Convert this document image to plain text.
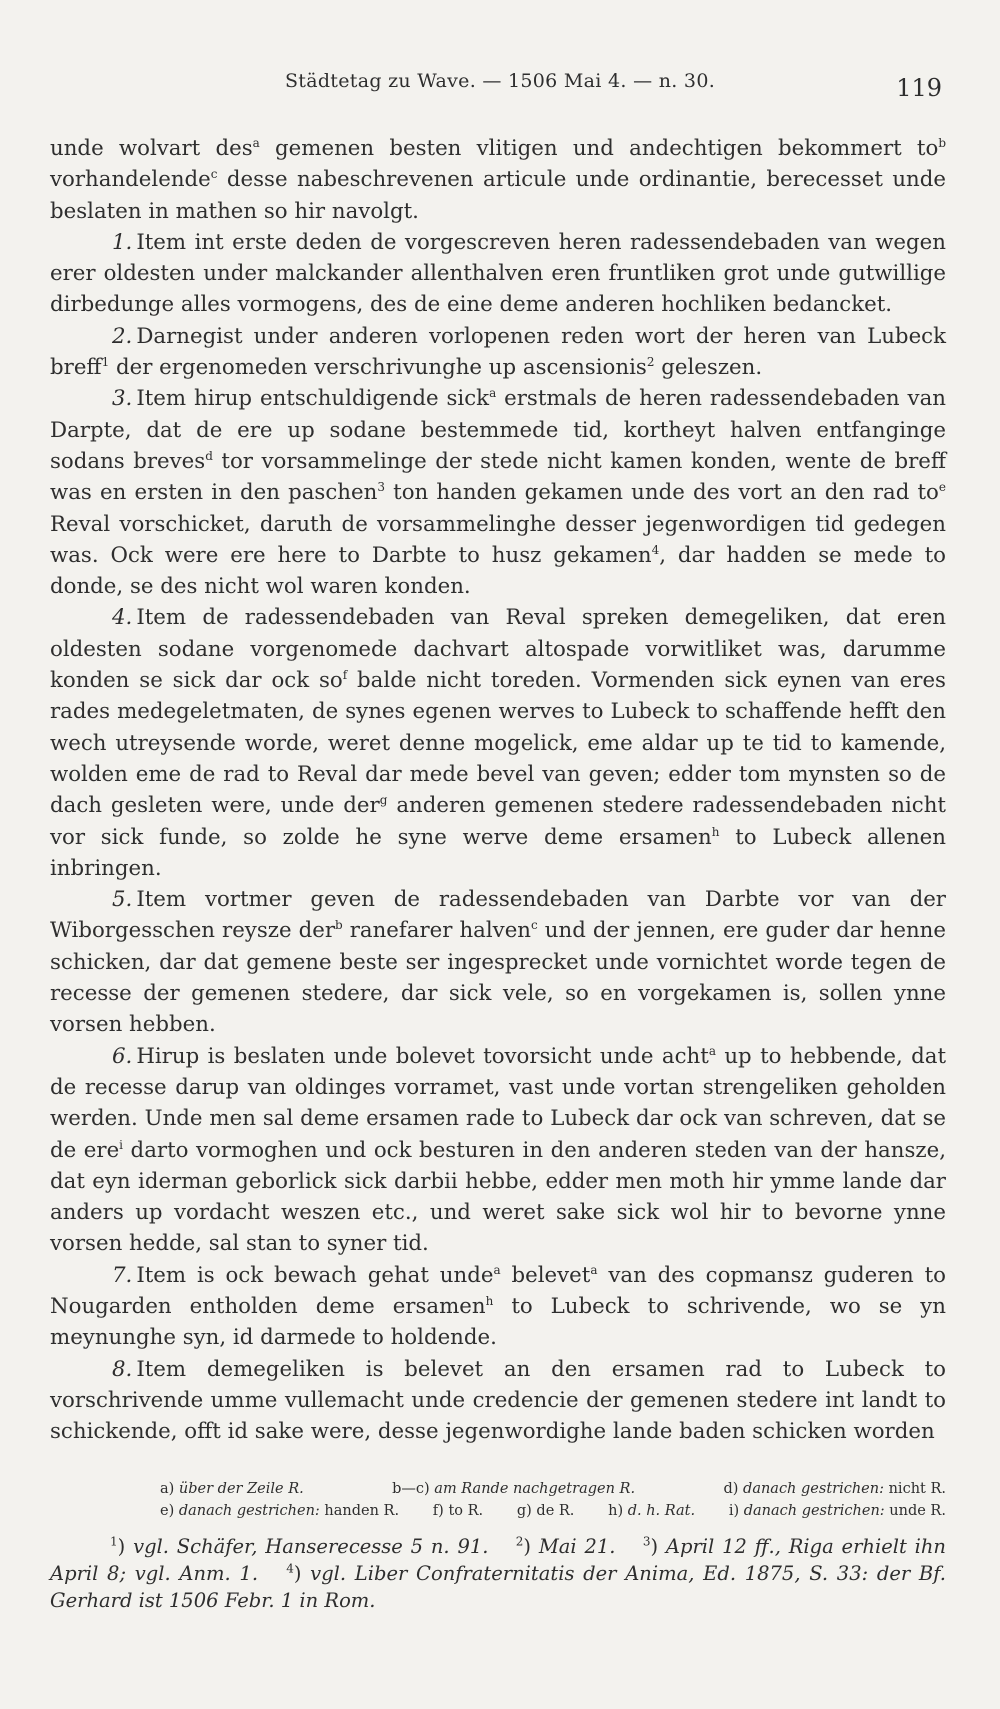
Städtetag zu Wave. — 1506 Mai 4. — n. 30.	119

unde wolvart des$^a$ gemenen besten vlitigen und andechtigen bekommert $to^b$ vorhandelende$^c$ desse nabeschrevenen articule unde ordinantie, berecesset unde beslaten in mathen so hir navolgt.

1. Item int erste deden de vorgescreven heren radessendebaden van wegen erer oldesten under malckander allenthalven eren fruntliken grot unde gutwillige dirbedunge alles vormogens, des de eine deme anderen hochliken bedancket.

2. Darnegist under anderen vorlopenen reden wort der heren van Lubeck breff$^1$ der ergenomeden verschrivunghe up ascensionis$^2$ geleszen.

3. Item hirup entschuldigende sick$^a$ erstmals de heren radessendebaden van Darpte, dat de ere up sodane bestemmede tid, kortheyt halven entfanginge sodans breves$^d$ tor vorsammelinge der stede nicht kamen konden, wente de breff was en ersten in den paschen$^3$ ton handen gekamen unde des vort an den rad $to^e$ Reval vorschicket, daruth de vorsammelinghe desser jegenwordigen tid gedegen was. Ock were ere here to Darbte to husz gekamen$^4$, dar hadden se mede to donde, se des nicht wol waren konden.

4. Item de radessendebaden van Reval spreken demegeliken, dat eren oldesten sodane vorgenomede dachvart altospade vorwitliket was, darumme konden se sick dar ock $so^f$ balde nicht toreden. Vormenden sick eynen van eres rades medegeletmaten, de synes egenen werves to Lubeck to schaffende hefft den wech utreysende worde, weret denne mogelick, eme aldar up te tid to kamende, wolden eme de rad to Reval dar mede bevel van geven; edder tom mynsten so de dach gesleten were, unde der$^g$ anderen gemenen stedere radessendebaden nicht vor sick funde, so zolde he syne werve deme ersamen$^h$ to Lubeck allenen inbringen.

5. Item vortmer geven de radessendebaden van Darbte vor van der Wiborgesschen reysze der$^b$ ranefarer halven$^c$ und der jennen, ere guder dar henne schicken, dar dat gemene beste ser ingesprecket unde vornichtet worde tegen de recesse der gemenen stedere, dar sick vele, so en vorgekamen is, sollen ynne vorsen hebben.

6. Hirup is beslaten unde bolevet tovorsicht unde acht$^a$ up to hebbende, dat de recesse darup van oldinges vorramet, vast unde vortan strengeliken geholden werden. Unde men sal deme ersamen rade to Lubeck dar ock van schreven, dat se de ere$^i$ darto vormoghen und ock besturen in den anderen steden van der hansze, dat eyn iderman geborlick sick darbii hebbe, edder men moth hir ymme lande dar anders up vordacht weszen etc., und weret sake sick wol hir to bevorne ynne vorsen hedde, sal stan to syner tid.

7. Item is ock bewach gehat unde$^a$ belevet$^a$ van des copmansz guderen to Nougarden entholden deme ersamen$^h$ to Lubeck to schrivende, wo se yn meynunghe syn, id darmede to holdende.

8. Item demegeliken is belevet an den ersamen rad to Lubeck to vorschrivende umme vullemacht unde credencie der gemenen stedere int landt to schickende, offt id sake were, desse jegenwordighe lande baden schicken worden

a) über der Zeile R.	b—c) am Rande nachgetragen R.	d) danach gestrichen: nicht R.
e) danach gestrichen: handen R. f) to R. g) de R. h) d. h. Rat. i) danach gestrichen: unde R.

$^1$) vgl. Schäfer, Hanserecesse 5 n. 91.  $^2$) Mai 21.  $^3$) April 12 ff., Riga erhielt ihn April 8; vgl. Anm. 1.  $^4$) vgl. Liber Confraternitatis der Anima, Ed. 1875, S. 33: der Bf. Gerhard ist 1506 Febr. 1 in Rom. 
